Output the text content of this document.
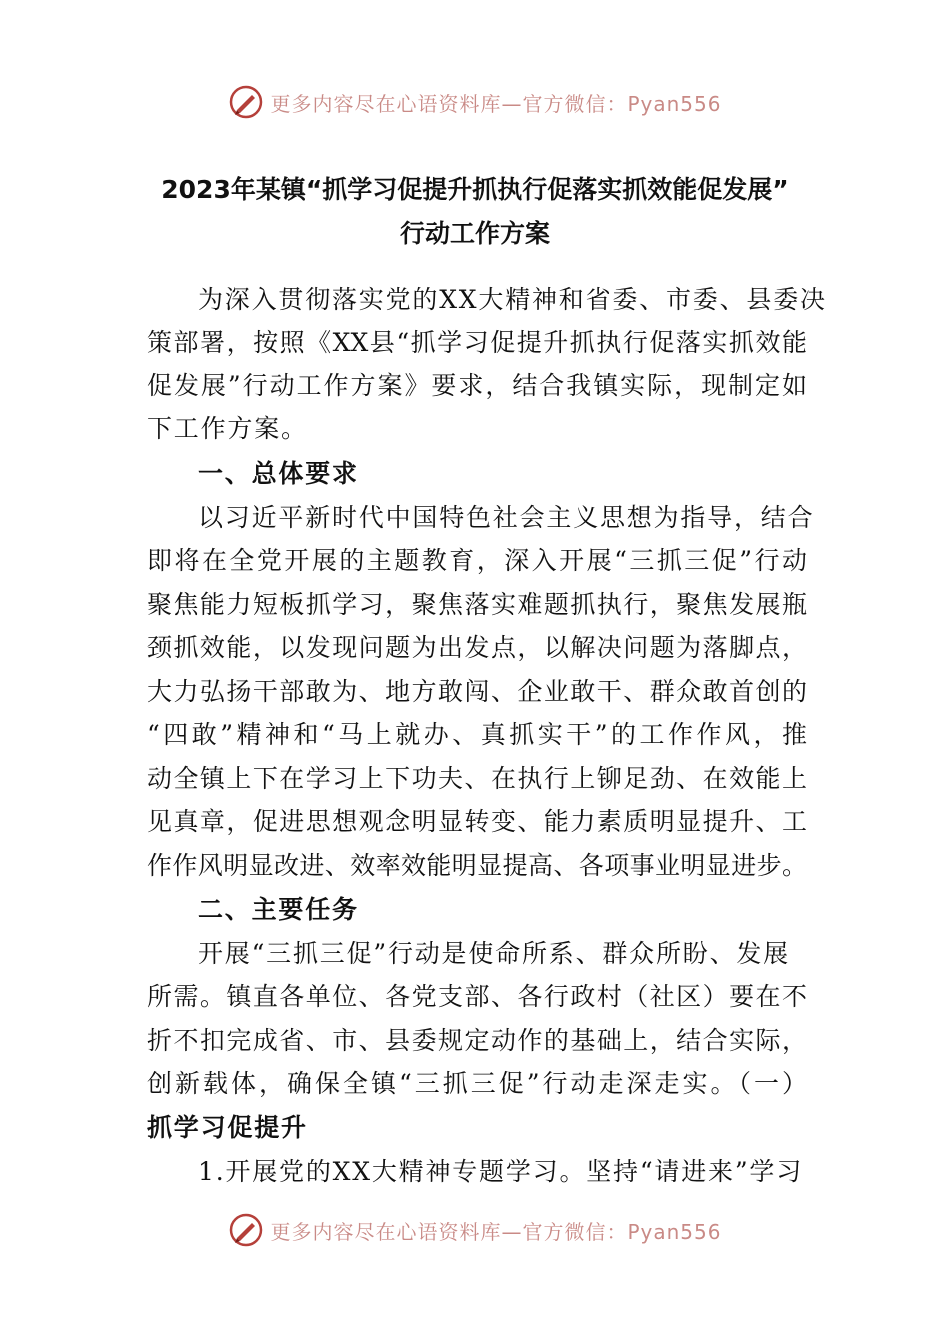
更多内容尽在心语资料库—官方微信：Pyan556
2023年某镇“抓学习促提升抓执行促落实抓效能促发展”
行动工作方案
为深入贯彻落实党的XX大精神和省委、市委、县委决
策部署，按照《XX县“抓学习促提升抓执行促落实抓效能
促发展”行动工作方案》要求，结合我镇实际，现制定如
下工作方案。
一、总体要求
以习近平新时代中国特色社会主义思想为指导，结合
即将在全党开展的主题教育，深入开展“三抓三促”行动
聚焦能力短板抓学习，聚焦落实难题抓执行，聚焦发展瓶
颈抓效能，以发现问题为出发点，以解决问题为落脚点，
大力弘扬干部敢为、地方敢闯、企业敢干、群众敢首创的
“四敢”精神和“马上就办、真抓实干”的工作作风，推
动全镇上下在学习上下功夫、在执行上铆足劲、在效能上
见真章，促进思想观念明显转变、能力素质明显提升、工
作作风明显改进、效率效能明显提高、各项事业明显进步。
二、主要任务
开展“三抓三促”行动是使命所系、群众所盼、发展
所需。镇直各单位、各党支部、各行政村（社区）要在不
折不扣完成省、市、县委规定动作的基础上，结合实际，
创新载体，确保全镇“三抓三促”行动走深走实。（一）
抓学习促提升
1.开展党的XX大精神专题学习。坚持“请进来”学习
更多内容尽在心语资料库—官方微信：Pyan556
